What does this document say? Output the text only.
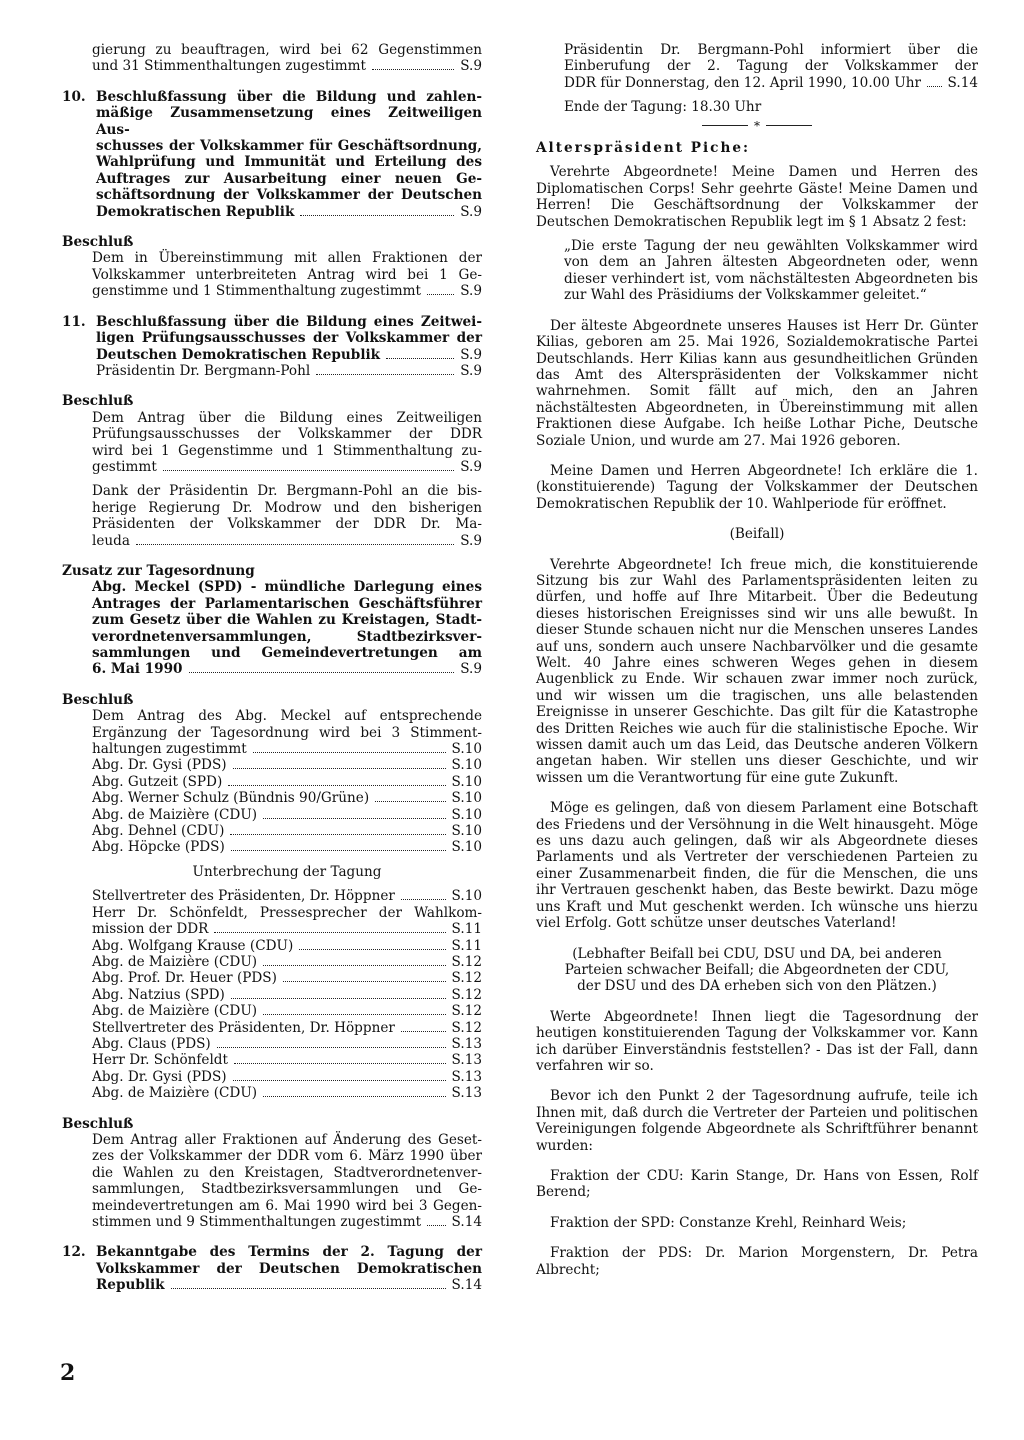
gierung zu beauftragen, wird bei 62 Gegenstimmen
und 31 Stimmenthaltungen zugestimmt	S.9
10. Beschlußfassung über die Bildung und zahlen-
mäßige Zusammensetzung eines Zeitweiligen Aus-
schusses der Volkskammer für Geschäftsordnung,
Wahlprüfung und Immunität und Erteilung des
Auftrages zur Ausarbeitung einer neuen Ge-
schäftsordnung der Volkskammer der Deutschen
Demokratischen Republik	S.9
Beschluß
Dem in Übereinstimmung mit allen Fraktionen der
Volkskammer unterbreiteten Antrag wird bei 1 Ge-
genstimme und 1 Stimmenthaltung zugestimmt	S.9
11. Beschlußfassung über die Bildung eines Zeitwei-
ligen Prüfungsausschusses der Volkskammer der
Deutschen Demokratischen Republik	S.9
Präsidentin Dr. Bergmann-Pohl	S.9
Beschluß
Dem Antrag über die Bildung eines Zeitweiligen
Prüfungsausschusses der Volkskammer der DDR
wird bei 1 Gegenstimme und 1 Stimmenthaltung zu-
gestimmt	S.9
Dank der Präsidentin Dr. Bergmann-Pohl an die bis-
herige Regierung Dr. Modrow und den bisherigen
Präsidenten der Volkskammer der DDR Dr. Ma-
leuda	S.9
Zusatz zur Tagesordnung
Abg. Meckel (SPD) - mündliche Darlegung eines
Antrages der Parlamentarischen Geschäftsführer
zum Gesetz über die Wahlen zu Kreistagen, Stadt-
verordnetenversammlungen, Stadtbezirksver-
sammlungen und Gemeindevertretungen am
6. Mai 1990	S.9
Beschluß
Dem Antrag des Abg. Meckel auf entsprechende
Ergänzung der Tagesordnung wird bei 3 Stimment-
haltungen zugestimmt	S.10
Abg. Dr. Gysi (PDS)	S.10
Abg. Gutzeit (SPD)	S.10
Abg. Werner Schulz (Bündnis 90/Grüne)	S.10
Abg. de Maizière (CDU)	S.10
Abg. Dehnel (CDU)	S.10
Abg. Höpcke (PDS)	S.10
Unterbrechung der Tagung
Stellvertreter des Präsidenten, Dr. Höppner	S.10
Herr Dr. Schönfeldt, Pressesprecher der Wahlkom-
mission der DDR	S.11
Abg. Wolfgang Krause (CDU)	S.11
Abg. de Maizière (CDU)	S.12
Abg. Prof. Dr. Heuer (PDS)	S.12
Abg. Natzius (SPD)	S.12
Abg. de Maizière (CDU)	S.12
Stellvertreter des Präsidenten, Dr. Höppner	S.12
Abg. Claus (PDS)	S.13
Herr Dr. Schönfeldt	S.13
Abg. Dr. Gysi (PDS)	S.13
Abg. de Maizière (CDU)	S.13
Beschluß
Dem Antrag aller Fraktionen auf Änderung des Geset-
zes der Volkskammer der DDR vom 6. März 1990 über
die Wahlen zu den Kreistagen, Stadtverordnetenver-
sammlungen, Stadtbezirksversammlungen und Ge-
meindevertretungen am 6. Mai 1990 wird bei 3 Gegen-
stimmen und 9 Stimmenthaltungen zugestimmt S.14
12. Bekanntgabe des Termins der 2. Tagung der
Volkskammer der Deutschen Demokratischen
Republik	S.14
Präsidentin Dr. Bergmann-Pohl informiert über die
Einberufung der 2. Tagung der Volkskammer der
DDR für Donnerstag, den 12. April 1990, 10.00 Uhr S.14
Ende der Tagung: 18.30 Uhr
*
Alterspräsident Piche:
Verehrte Abgeordnete! Meine Damen und Herren des Diplomatischen Corps! Sehr geehrte Gäste! Meine Damen und Herren! Die Geschäftsordnung der Volkskammer der Deutschen Demokratischen Republik legt im § 1 Absatz 2 fest:
„Die erste Tagung der neu gewählten Volkskammer wird von dem an Jahren ältesten Abgeordneten oder, wenn dieser verhindert ist, vom nächstältesten Abgeordneten bis zur Wahl des Präsidiums der Volkskammer geleitet.“
Der älteste Abgeordnete unseres Hauses ist Herr Dr. Günter Kilias, geboren am 25. Mai 1926, Sozialdemokratische Partei Deutschlands. Herr Kilias kann aus gesundheitlichen Gründen das Amt des Alterspräsidenten der Volkskammer nicht wahrnehmen. Somit fällt auf mich, den an Jahren nächstältesten Abgeordneten, in Übereinstimmung mit allen Fraktionen diese Aufgabe. Ich heiße Lothar Piche, Deutsche Soziale Union, und wurde am 27. Mai 1926 geboren.
Meine Damen und Herren Abgeordnete! Ich erkläre die 1. (konstituierende) Tagung der Volkskammer der Deutschen Demokratischen Republik der 10. Wahlperiode für eröffnet.
(Beifall)
Verehrte Abgeordnete! Ich freue mich, die konstituierende Sitzung bis zur Wahl des Parlamentspräsidenten leiten zu dürfen, und hoffe auf Ihre Mitarbeit. Über die Bedeutung dieses historischen Ereignisses sind wir uns alle bewußt. In dieser Stunde schauen nicht nur die Menschen unseres Landes auf uns, sondern auch unsere Nachbarvölker und die gesamte Welt. 40 Jahre eines schweren Weges gehen in diesem Augenblick zu Ende. Wir schauen zwar immer noch zurück, und wir wissen um die tragischen, uns alle belastenden Ereignisse in unserer Geschichte. Das gilt für die Katastrophe des Dritten Reiches wie auch für die stalinistische Epoche. Wir wissen damit auch um das Leid, das Deutsche anderen Völkern angetan haben. Wir stellen uns dieser Geschichte, und wir wissen um die Verantwortung für eine gute Zukunft.
Möge es gelingen, daß von diesem Parlament eine Botschaft des Friedens und der Versöhnung in die Welt hinausgeht. Möge es uns dazu auch gelingen, daß wir als Abgeordnete dieses Parlaments und als Vertreter der verschiedenen Parteien zu einer Zusammenarbeit finden, die für die Menschen, die uns ihr Vertrauen geschenkt haben, das Beste bewirkt. Dazu möge uns Kraft und Mut geschenkt werden. Ich wünsche uns hierzu viel Erfolg. Gott schütze unser deutsches Vaterland!
(Lebhafter Beifall bei CDU, DSU und DA, bei anderen Parteien schwacher Beifall; die Abgeordneten der CDU, der DSU und des DA erheben sich von den Plätzen.)
Werte Abgeordnete! Ihnen liegt die Tagesordnung der heutigen konstituierenden Tagung der Volkskammer vor. Kann ich darüber Einverständnis feststellen? - Das ist der Fall, dann verfahren wir so.
Bevor ich den Punkt 2 der Tagesordnung aufrufe, teile ich Ihnen mit, daß durch die Vertreter der Parteien und politischen Vereinigungen folgende Abgeordnete als Schriftführer benannt wurden:
Fraktion der CDU: Karin Stange, Dr. Hans von Essen, Rolf Berend;
Fraktion der SPD: Constanze Krehl, Reinhard Weis;
Fraktion der PDS: Dr. Marion Morgenstern, Dr. Petra Albrecht;
2
